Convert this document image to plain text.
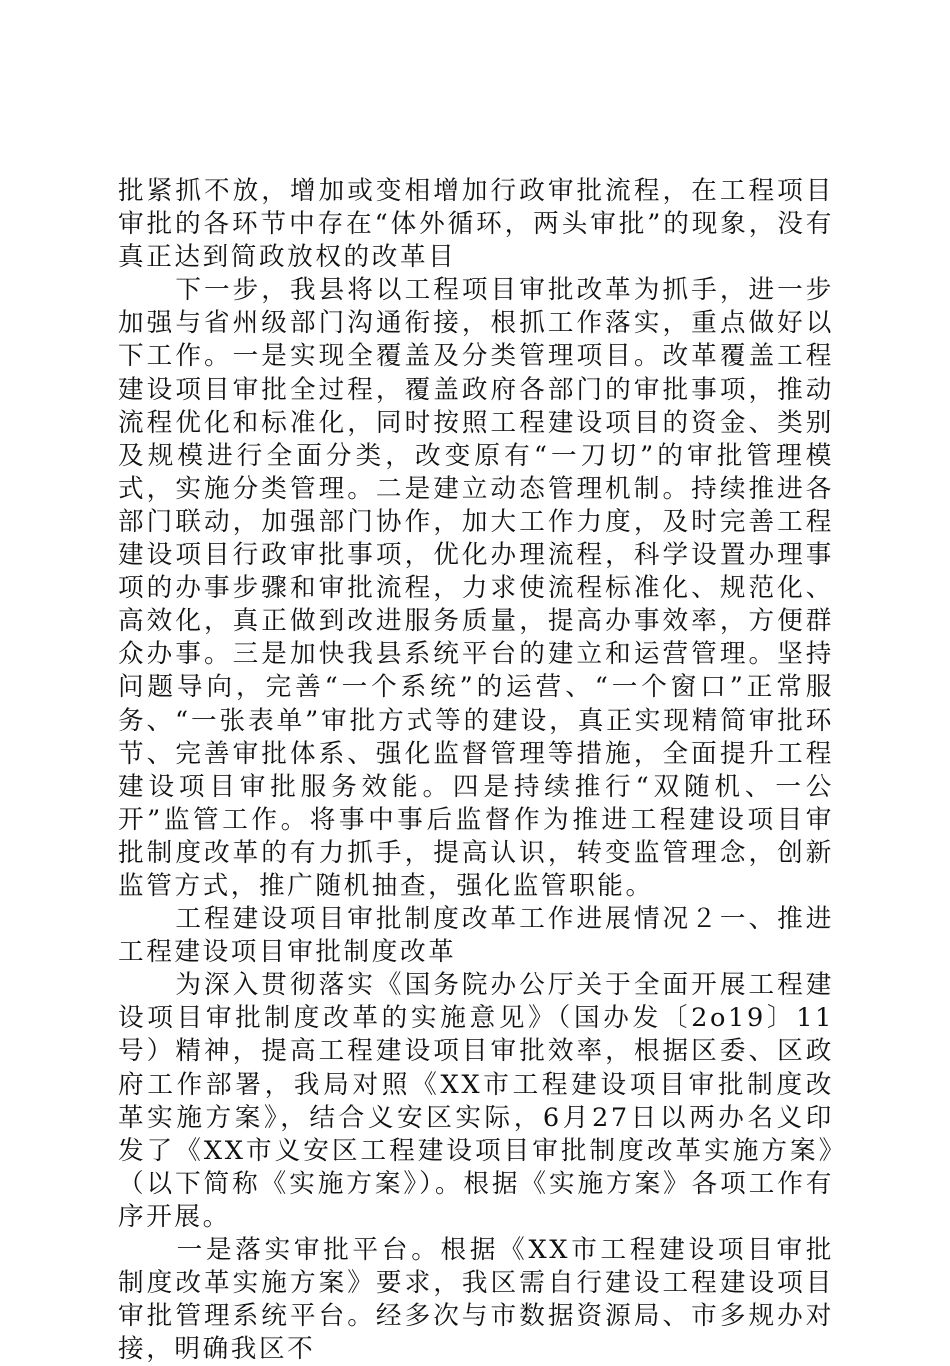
批紧抓不放，增加或变相增加行政审批流程，在工程项目审批的各环节中存在“体外循环，两头审批”的现象，没有真正达到简政放权的改革目

　　下一步，我县将以工程项目审批改革为抓手，进一步加强与省州级部门沟通衔接，根抓工作落实，重点做好以下工作。一是实现全覆盖及分类管理项目。改革覆盖工程建设项目审批全过程，覆盖政府各部门的审批事项，推动流程优化和标准化，同时按照工程建设项目的资金、类别及规模进行全面分类，改变原有“一刀切”的审批管理模式，实施分类管理。二是建立动态管理机制。持续推进各部门联动，加强部门协作，加大工作力度，及时完善工程建设项目行政审批事项，优化办理流程，科学设置办理事项的办事步骤和审批流程，力求使流程标准化、规范化、高效化，真正做到改进服务质量，提高办事效率，方便群众办事。三是加快我县系统平台的建立和运营管理。坚持问题导向，完善“一个系统”的运营、“一个窗口”正常服务、“一张表单”审批方式等的建设，真正实现精简审批环节、完善审批体系、强化监督管理等措施，全面提升工程建设项目审批服务效能。四是持续推行“双随机、一公开”监管工作。将事中事后监督作为推进工程建设项目审批制度改革的有力抓手，提高认识，转变监管理念，创新监管方式，推广随机抽查，强化监管职能。

　　工程建设项目审批制度改革工作进展情况２一、推进工程建设项目审批制度改革

　　为深入贯彻落实《国务院办公厅关于全面开展工程建设项目审批制度改革的实施意见》（国办发〔2o19〕11号）精神，提高工程建设项目审批效率，根据区委、区政府工作部署，我局对照《XX市工程建设项目审批制度改革实施方案》，结合义安区实际，6月27日以两办名义印发了《XX市义安区工程建设项目审批制度改革实施方案》（以下简称《实施方案》）。根据《实施方案》各项工作有序开展。

　　一是落实审批平台。根据《XX市工程建设项目审批制度改革实施方案》要求，我区需自行建设工程建设项目审批管理系统平台。经多次与市数据资源局、市多规办对接，明确我区不
